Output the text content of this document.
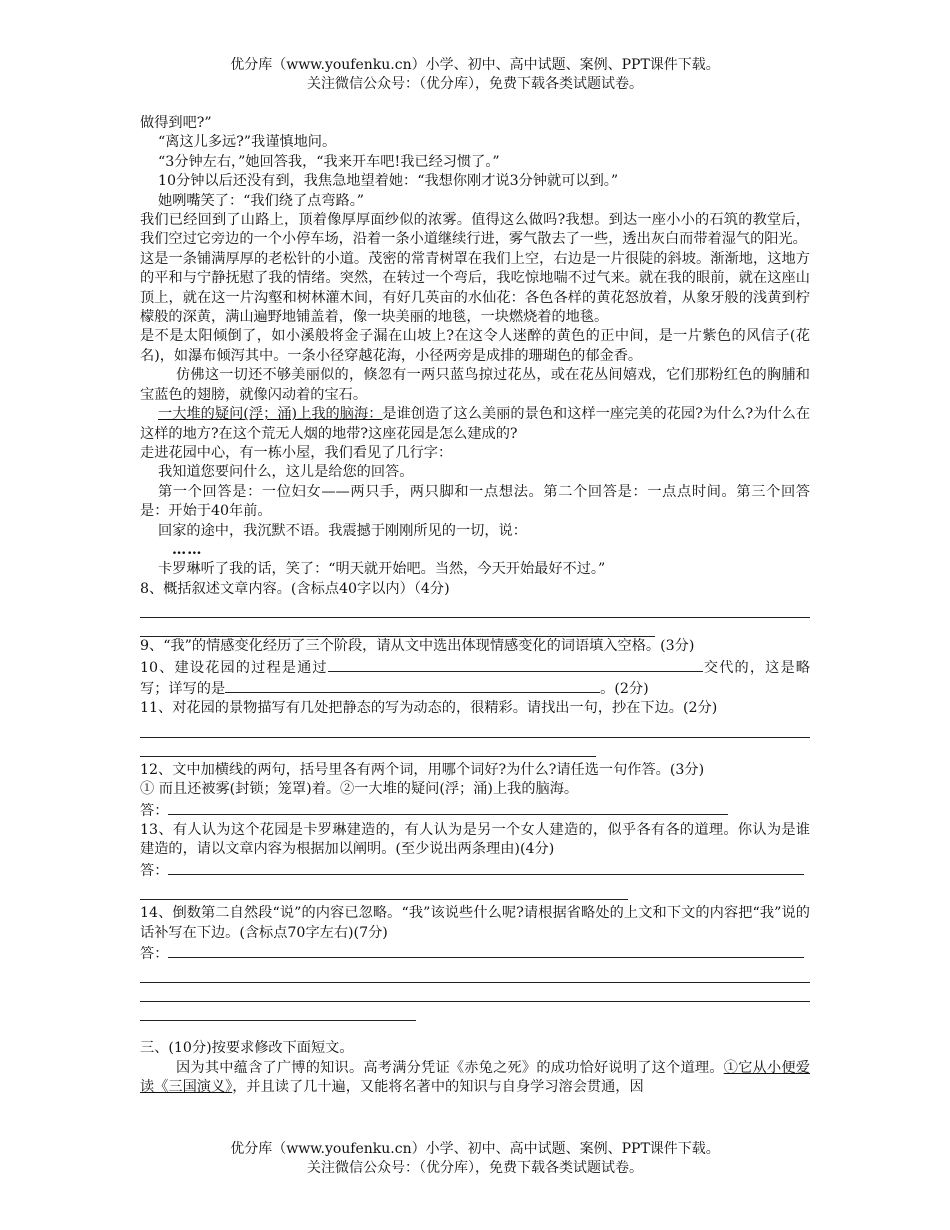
优分库（www.youfenku.cn）小学、初中、高中试题、案例、PPT课件下载。
关注微信公众号：（优分库），免费下载各类试题试卷。

做得到吧?”

“离这儿多远?”我谨慎地问。

“3分钟左右，”她回答我，“我来开车吧!我已经习惯了。”

10分钟以后还没有到，我焦急地望着她：“我想你刚才说3分钟就可以到。”

她咧嘴笑了：“我们绕了点弯路。”

我们已经回到了山路上，顶着像厚厚面纱似的浓雾。值得这么做吗?我想。到达一座小小的石筑的教堂后，我们空过它旁边的一个小停车场，沿着一条小道继续行进，雾气散去了一些，透出灰白而带着湿气的阳光。

这是一条铺满厚厚的老松针的小道。茂密的常青树罩在我们上空，右边是一片很陡的斜坡。渐渐地，这地方的平和与宁静抚慰了我的情绪。突然，在转过一个弯后，我吃惊地喘不过气来。就在我的眼前，就在这座山顶上，就在这一片沟壑和树林灌木间，有好几英亩的水仙花：各色各样的黄花怒放着，从象牙般的浅黄到柠檬般的深黄，满山遍野地铺盖着，像一块美丽的地毯，一块燃烧着的地毯。

是不是太阳倾倒了，如小溪般将金子漏在山坡上?在这令人迷醉的黄色的正中间，是一片紫色的风信子(花名)，如瀑布倾泻其中。一条小径穿越花海，小径两旁是成排的珊瑚色的郁金香。

仿佛这一切还不够美丽似的，倏忽有一两只蓝鸟掠过花丛，或在花丛间嬉戏，它们那粉红色的胸脯和宝蓝色的翅膀，就像闪动着的宝石。

一大堆的疑问(浮；涌)上我的脑海：是谁创造了这么美丽的景色和这样一座完美的花园?为什么?为什么在这样的地方?在这个荒无人烟的地带?这座花园是怎么建成的?

走进花园中心，有一栋小屋，我们看见了几行字：

我知道您要问什么，这儿是给您的回答。

第一个回答是：一位妇女——两只手，两只脚和一点想法。第二个回答是：一点点时间。第三个回答是：开始于40年前。

回家的途中，我沉默不语。我震撼于刚刚所见的一切，说：

……

卡罗琳听了我的话，笑了：“明天就开始吧。当然，今天开始最好不过。”

8、概括叙述文章内容。(含标点40字以内）（4分)

9、“我”的情感变化经历了三个阶段，请从文中选出体现情感变化的词语填入空格。(3分)

10、建设花园的过程是通过	交代的，这是略写；详写的是	。(2分)

11、对花园的景物描写有几处把静态的写为动态的，很精彩。请找出一句，抄在下边。(2分)

12、文中加横线的两句，括号里各有两个词，用哪个词好?为什么?请任选一句作答。(3分)

① 而且还被雾(封锁；笼罩)着。②一大堆的疑问(浮；涌)上我的脑海。

答：

13、有人认为这个花园是卡罗琳建造的，有人认为是另一个女人建造的，似乎各有各的道理。你认为是谁建造的，请以文章内容为根据加以阐明。(至少说出两条理由)(4分)

答：

14、倒数第二自然段“说”的内容已忽略。“我”该说些什么呢?请根据省略处的上文和下文的内容把“我”说的话补写在下边。(含标点70字左右)(7分)

答：

三、(10分)按要求修改下面短文。

因为其中蕴含了广博的知识。高考满分凭证《赤兔之死》的成功恰好说明了这个道理。①它从小便爱读《三国演义》，并且读了几十遍，又能将名著中的知识与自身学习溶会贯通，因

优分库（www.youfenku.cn）小学、初中、高中试题、案例、PPT课件下载。
关注微信公众号：（优分库），免费下载各类试题试卷。
